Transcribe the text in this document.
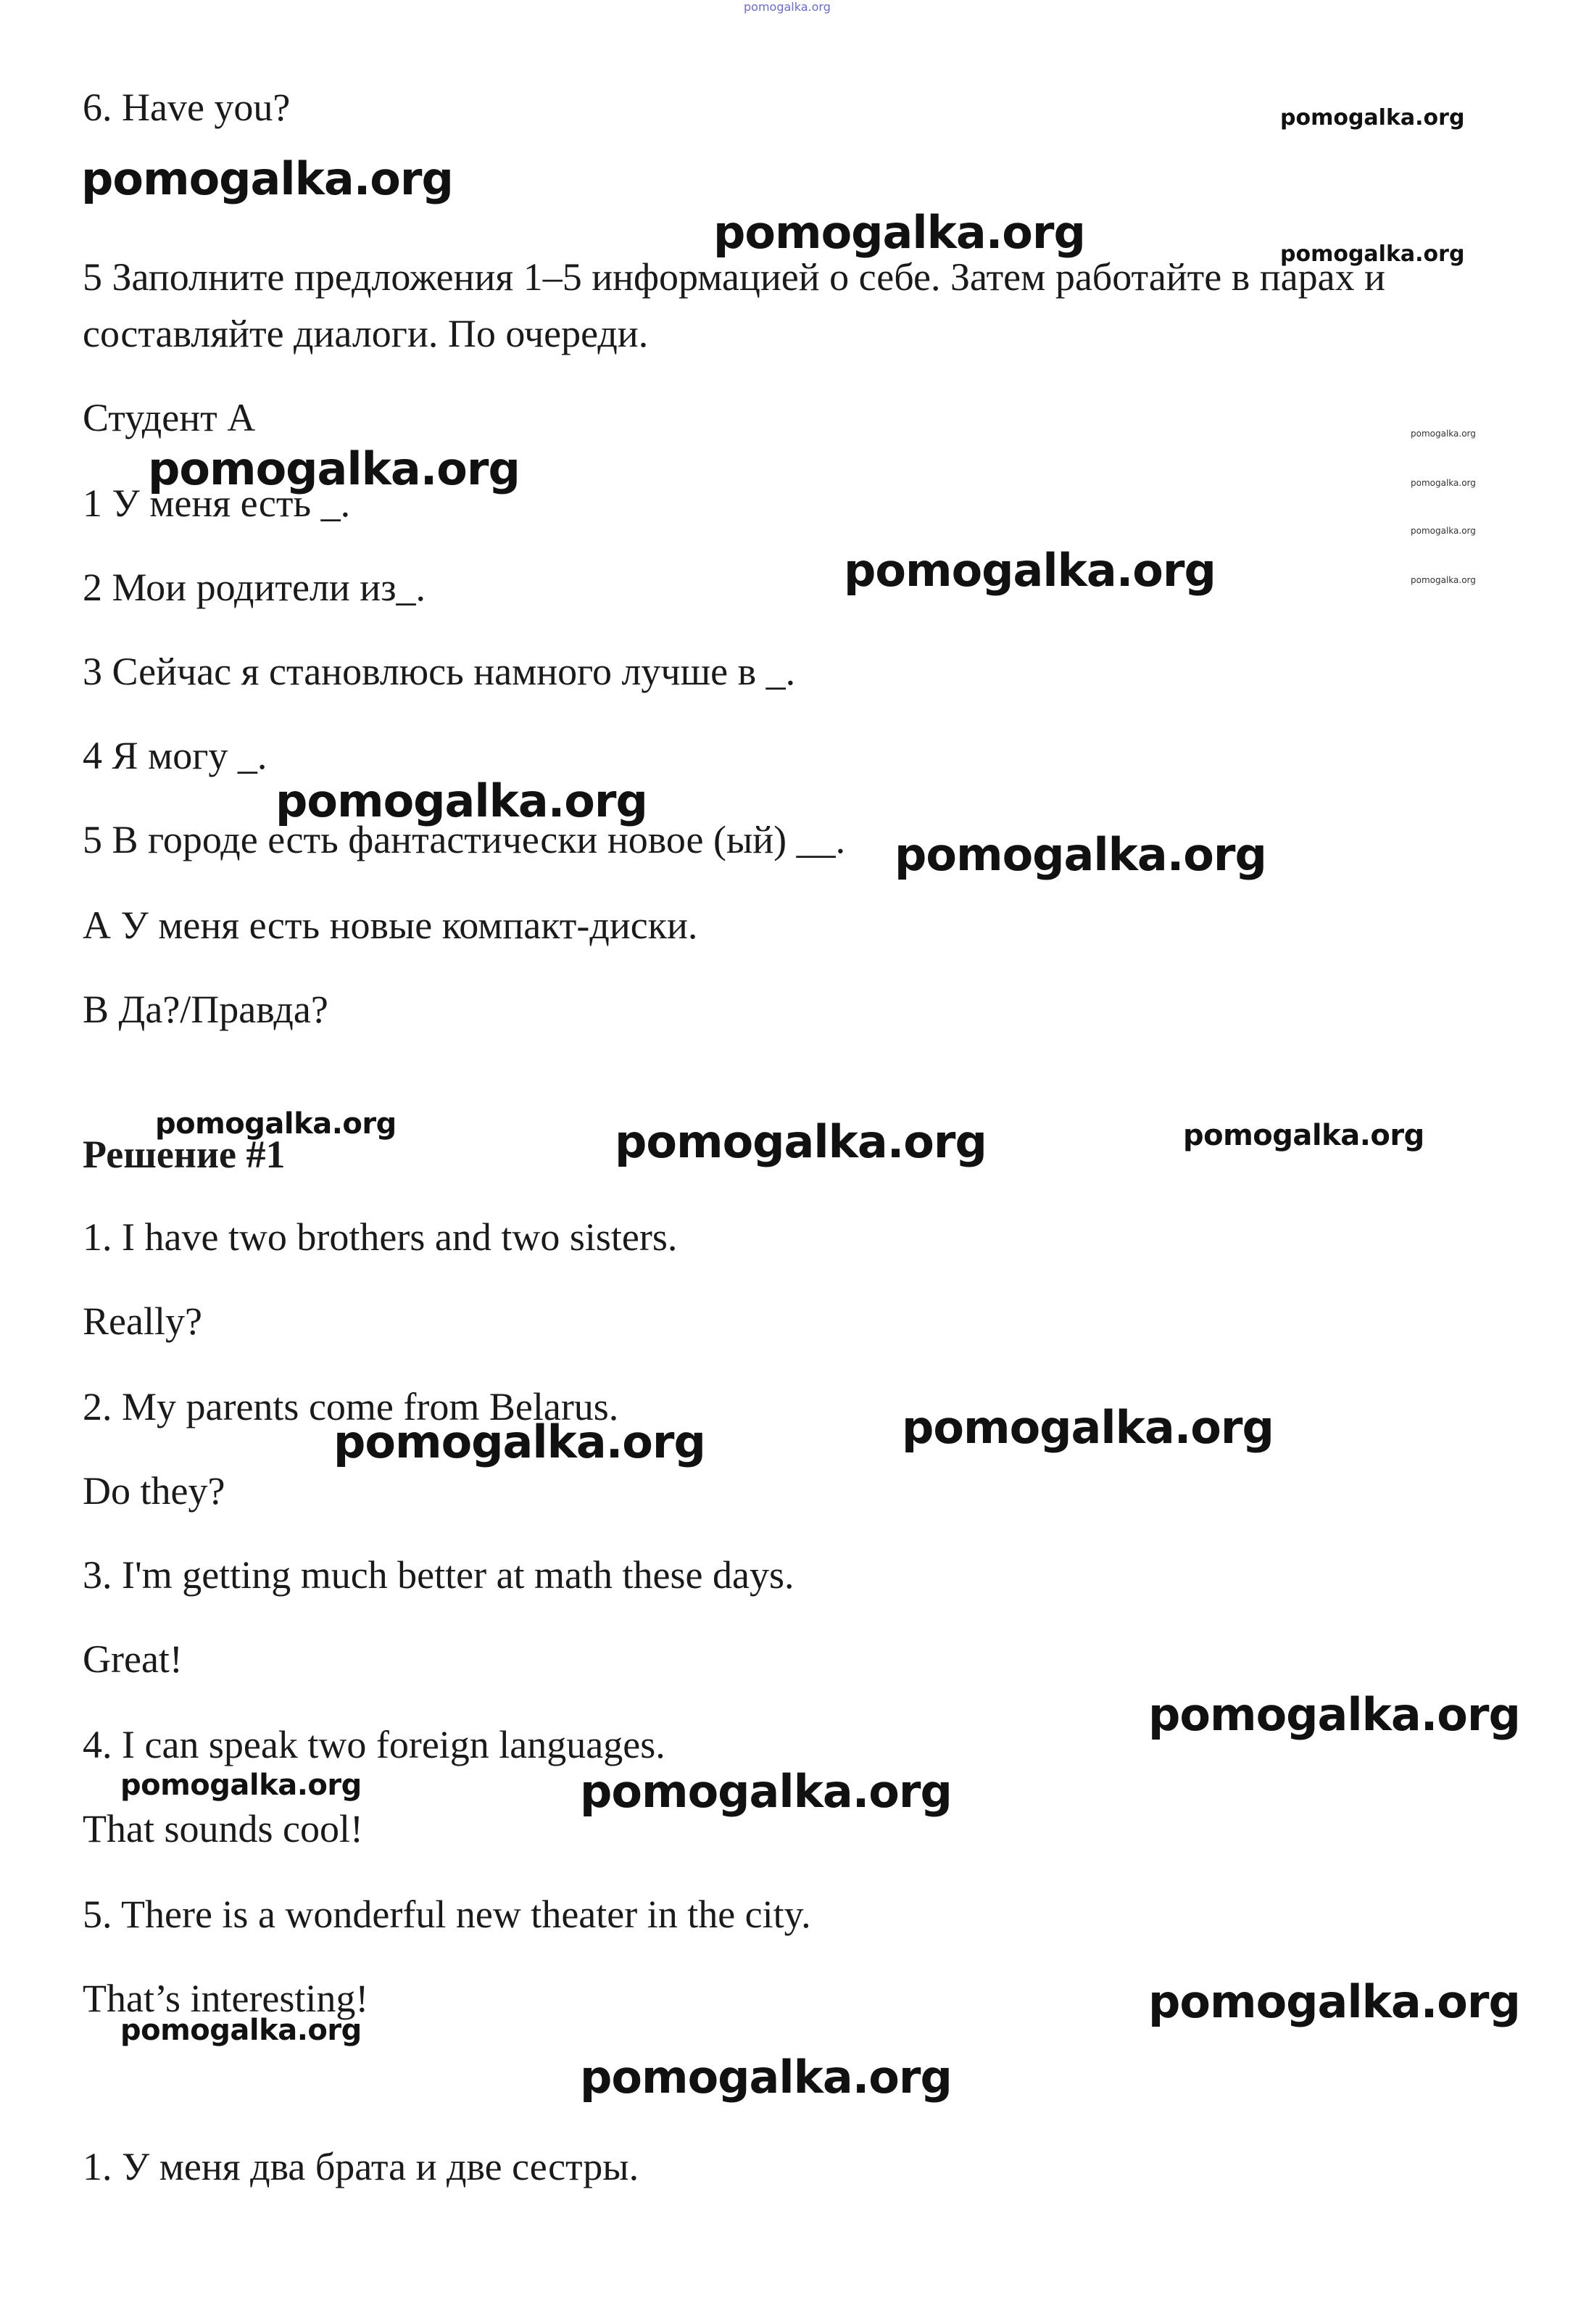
pomogalka.org

6. Have you?

5 Заполните предложения 1–5 информацией о себе. Затем работайте в парах и

составляйте диалоги. По очереди.

Студент А

1 У меня есть _.

2 Мои родители из_.

3 Сейчас я становлюсь намного лучше в _.

4 Я могу _.

5 В городе есть фантастически новое (ый) __.

А У меня есть новые компакт-диски.

В Да?/Правда?

Решение #1

1. I have two brothers and two sisters.

Really?

2. My parents come from Belarus.

Do they?

3. I'm getting much better at math these days.

Great!

4. I can speak two foreign languages.

That sounds cool!

5. There is a wonderful new theater in the city.

That’s interesting!

1. У меня два брата и две сестры.

pomogalka.org

pomogalka.org

pomogalka.org	pomogalka.org

pomogalka.org

pomogalka.org	pomogalka.org

pomogalka.org

pomogalka.org

pomogalka.org

pomogalka.org

pomogalka.org

pomogalka.org	pomogalka.org	pomogalka.org

pomogalka.org

pomogalka.org

pomogalka.org

pomogalka.org	pomogalka.org

pomogalka.org

pomogalka.org

pomogalka.org
